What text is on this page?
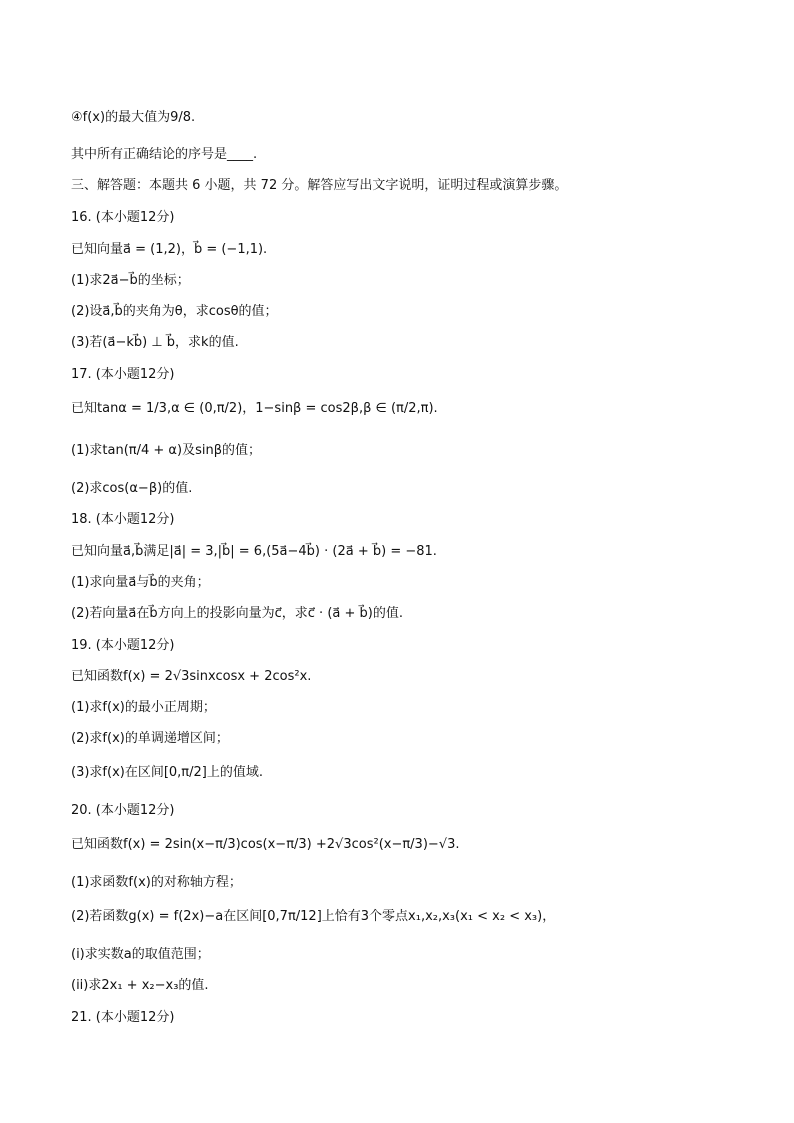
④f(x)的最大值为9/8.
其中所有正确结论的序号是____.
三、解答题：本题共 6 小题，共 72 分。解答应写出文字说明，证明过程或演算步骤。
16. (本小题12分)
已知向量a⃗ = (1,2)，b⃗ = (−1,1).
(1)求2a⃗−b⃗的坐标；
(2)设a⃗,b⃗的夹角为θ，求cosθ的值；
(3)若(a⃗−kb⃗) ⊥ b⃗，求k的值.
17. (本小题12分)
已知tanα = 1/3,α ∈ (0,π/2)，1−sinβ = cos2β,β ∈ (π/2,π).
(1)求tan(π/4 + α)及sinβ的值；
(2)求cos(α−β)的值.
18. (本小题12分)
已知向量a⃗,b⃗满足|a⃗| = 3,|b⃗| = 6,(5a⃗−4b⃗) · (2a⃗ + b⃗) = −81.
(1)求向量a⃗与b⃗的夹角；
(2)若向量a⃗在b⃗方向上的投影向量为c⃗，求c⃗ · (a⃗ + b⃗)的值.
19. (本小题12分)
已知函数f(x) = 2√3sinxcosx + 2cos²x.
(1)求f(x)的最小正周期；
(2)求f(x)的单调递增区间；
(3)求f(x)在区间[0,π/2]上的值域.
20. (本小题12分)
已知函数f(x) = 2sin(x−π/3)cos(x−π/3) +2√3cos²(x−π/3)−√3.
(1)求函数f(x)的对称轴方程；
(2)若函数g(x) = f(2x)−a在区间[0,7π/12]上恰有3个零点x₁,x₂,x₃(x₁ < x₂ < x₃)，
(i)求实数a的取值范围；
(ii)求2x₁ + x₂−x₃的值.
21. (本小题12分)
